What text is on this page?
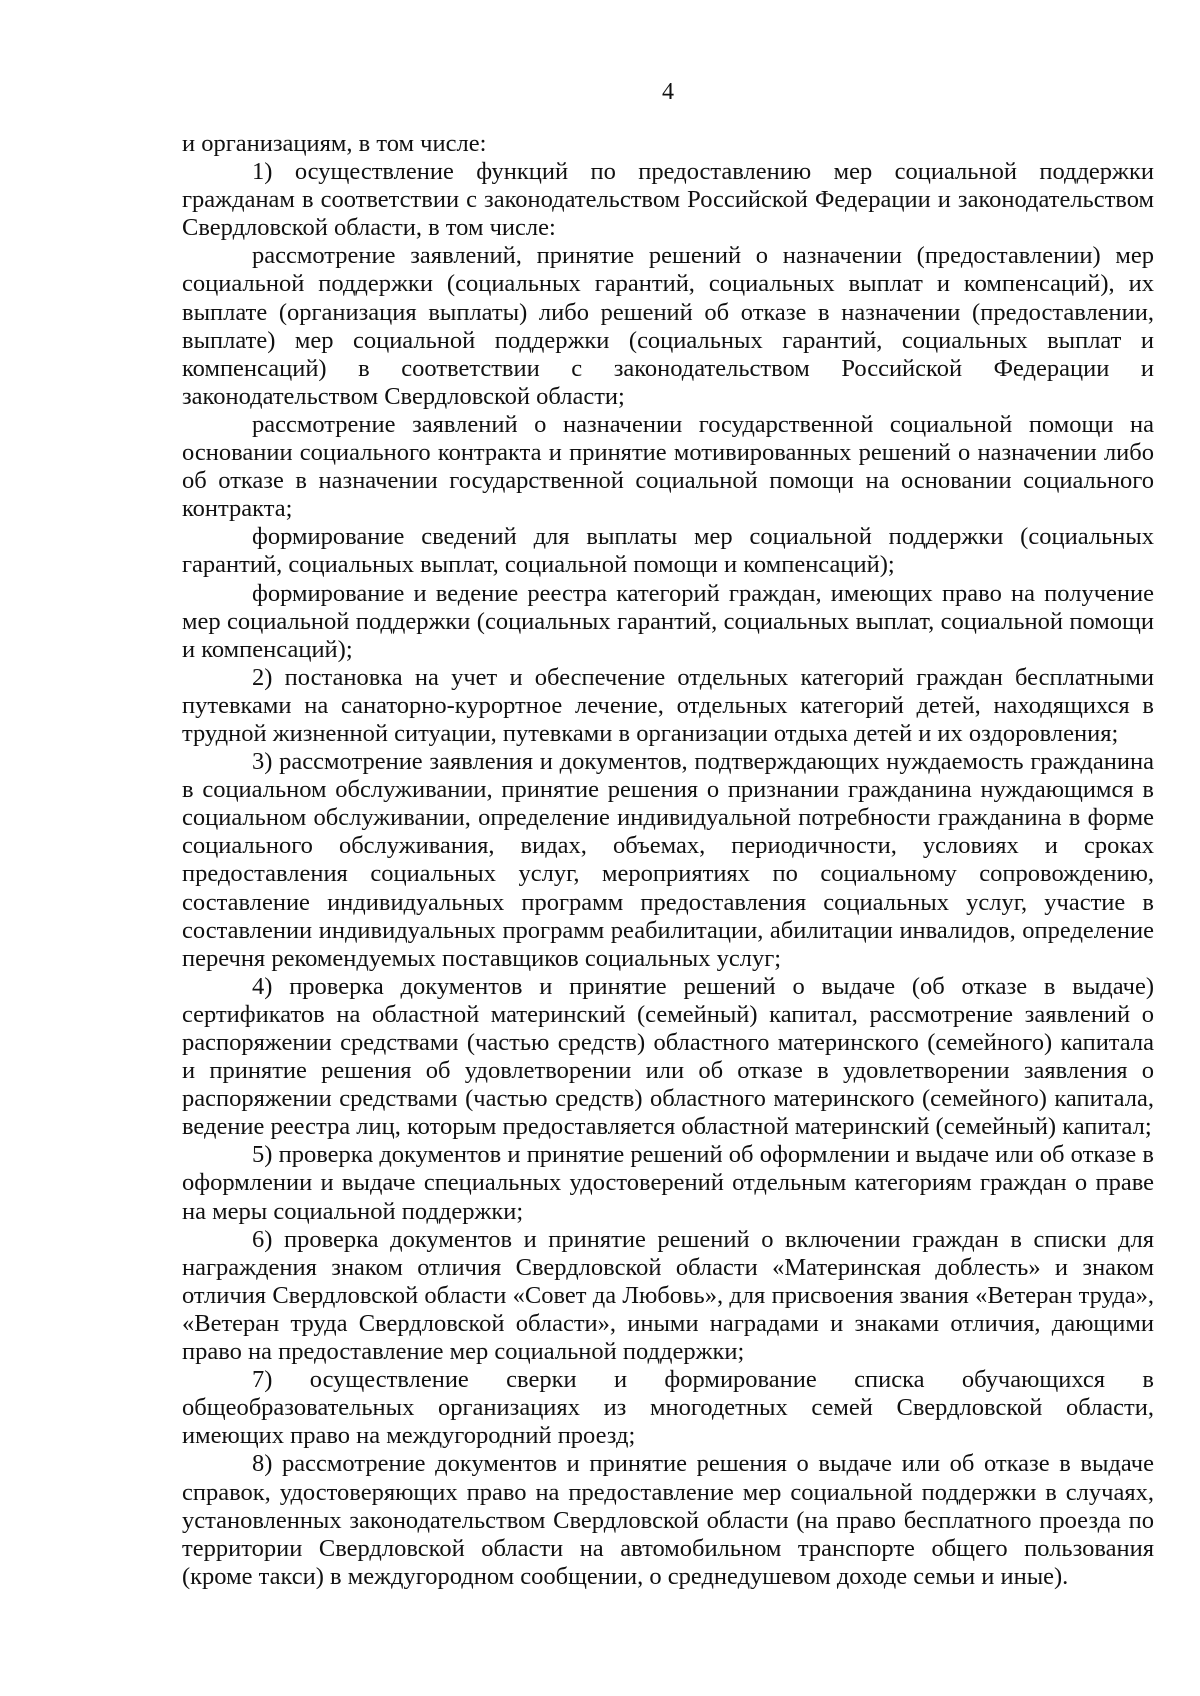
4

и организациям, в том числе:

1) осуществление функций по предоставлению мер социальной поддержки гражданам в соответствии с законодательством Российской Федерации и законодательством Свердловской области, в том числе:

рассмотрение заявлений, принятие решений о назначении (предоставлении) мер социальной поддержки (социальных гарантий, социальных выплат и компенсаций), их выплате (организация выплаты) либо решений об отказе в назначении (предоставлении, выплате) мер социальной поддержки (социальных гарантий, социальных выплат и компенсаций) в соответствии с законодательством Российской Федерации и законодательством Свердловской области;

рассмотрение заявлений о назначении государственной социальной помощи на основании социального контракта и принятие мотивированных решений о назначении либо об отказе в назначении государственной социальной помощи на основании социального контракта;

формирование сведений для выплаты мер социальной поддержки (социальных гарантий, социальных выплат, социальной помощи и компенсаций);

формирование и ведение реестра категорий граждан, имеющих право на получение мер социальной поддержки (социальных гарантий, социальных выплат, социальной помощи и компенсаций);

2) постановка на учет и обеспечение отдельных категорий граждан бесплатными путевками на санаторно-курортное лечение, отдельных категорий детей, находящихся в трудной жизненной ситуации, путевками в организации отдыха детей и их оздоровления;

3) рассмотрение заявления и документов, подтверждающих нуждаемость гражданина в социальном обслуживании, принятие решения о признании гражданина нуждающимся в социальном обслуживании, определение индивидуальной потребности гражданина в форме социального обслуживания, видах, объемах, периодичности, условиях и сроках предоставления социальных услуг, мероприятиях по социальному сопровождению, составление индивидуальных программ предоставления социальных услуг, участие в составлении индивидуальных программ реабилитации, абилитации инвалидов, определение перечня рекомендуемых поставщиков социальных услуг;

4) проверка документов и принятие решений о выдаче (об отказе в выдаче) сертификатов на областной материнский (семейный) капитал, рассмотрение заявлений о распоряжении средствами (частью средств) областного материнского (семейного) капитала и принятие решения об удовлетворении или об отказе в удовлетворении заявления о распоряжении средствами (частью средств) областного материнского (семейного) капитала, ведение реестра лиц, которым предоставляется областной материнский (семейный) капитал;

5) проверка документов и принятие решений об оформлении и выдаче или об отказе в оформлении и выдаче специальных удостоверений отдельным категориям граждан о праве на меры социальной поддержки;

6) проверка документов и принятие решений о включении граждан в списки для награждения знаком отличия Свердловской области «Материнская доблесть» и знаком отличия Свердловской области «Совет да Любовь», для присвоения звания «Ветеран труда», «Ветеран труда Свердловской области», иными наградами и знаками отличия, дающими право на предоставление мер социальной поддержки;

7) осуществление сверки и формирование списка обучающихся в общеобразовательных организациях из многодетных семей Свердловской области, имеющих право на междугородний проезд;

8) рассмотрение документов и принятие решения о выдаче или об отказе в выдаче справок, удостоверяющих право на предоставление мер социальной поддержки в случаях, установленных законодательством Свердловской области (на право бесплатного проезда по территории Свердловской области на автомобильном транспорте общего пользования (кроме такси) в междугородном сообщении, о среднедушевом доходе семьи и иные).
